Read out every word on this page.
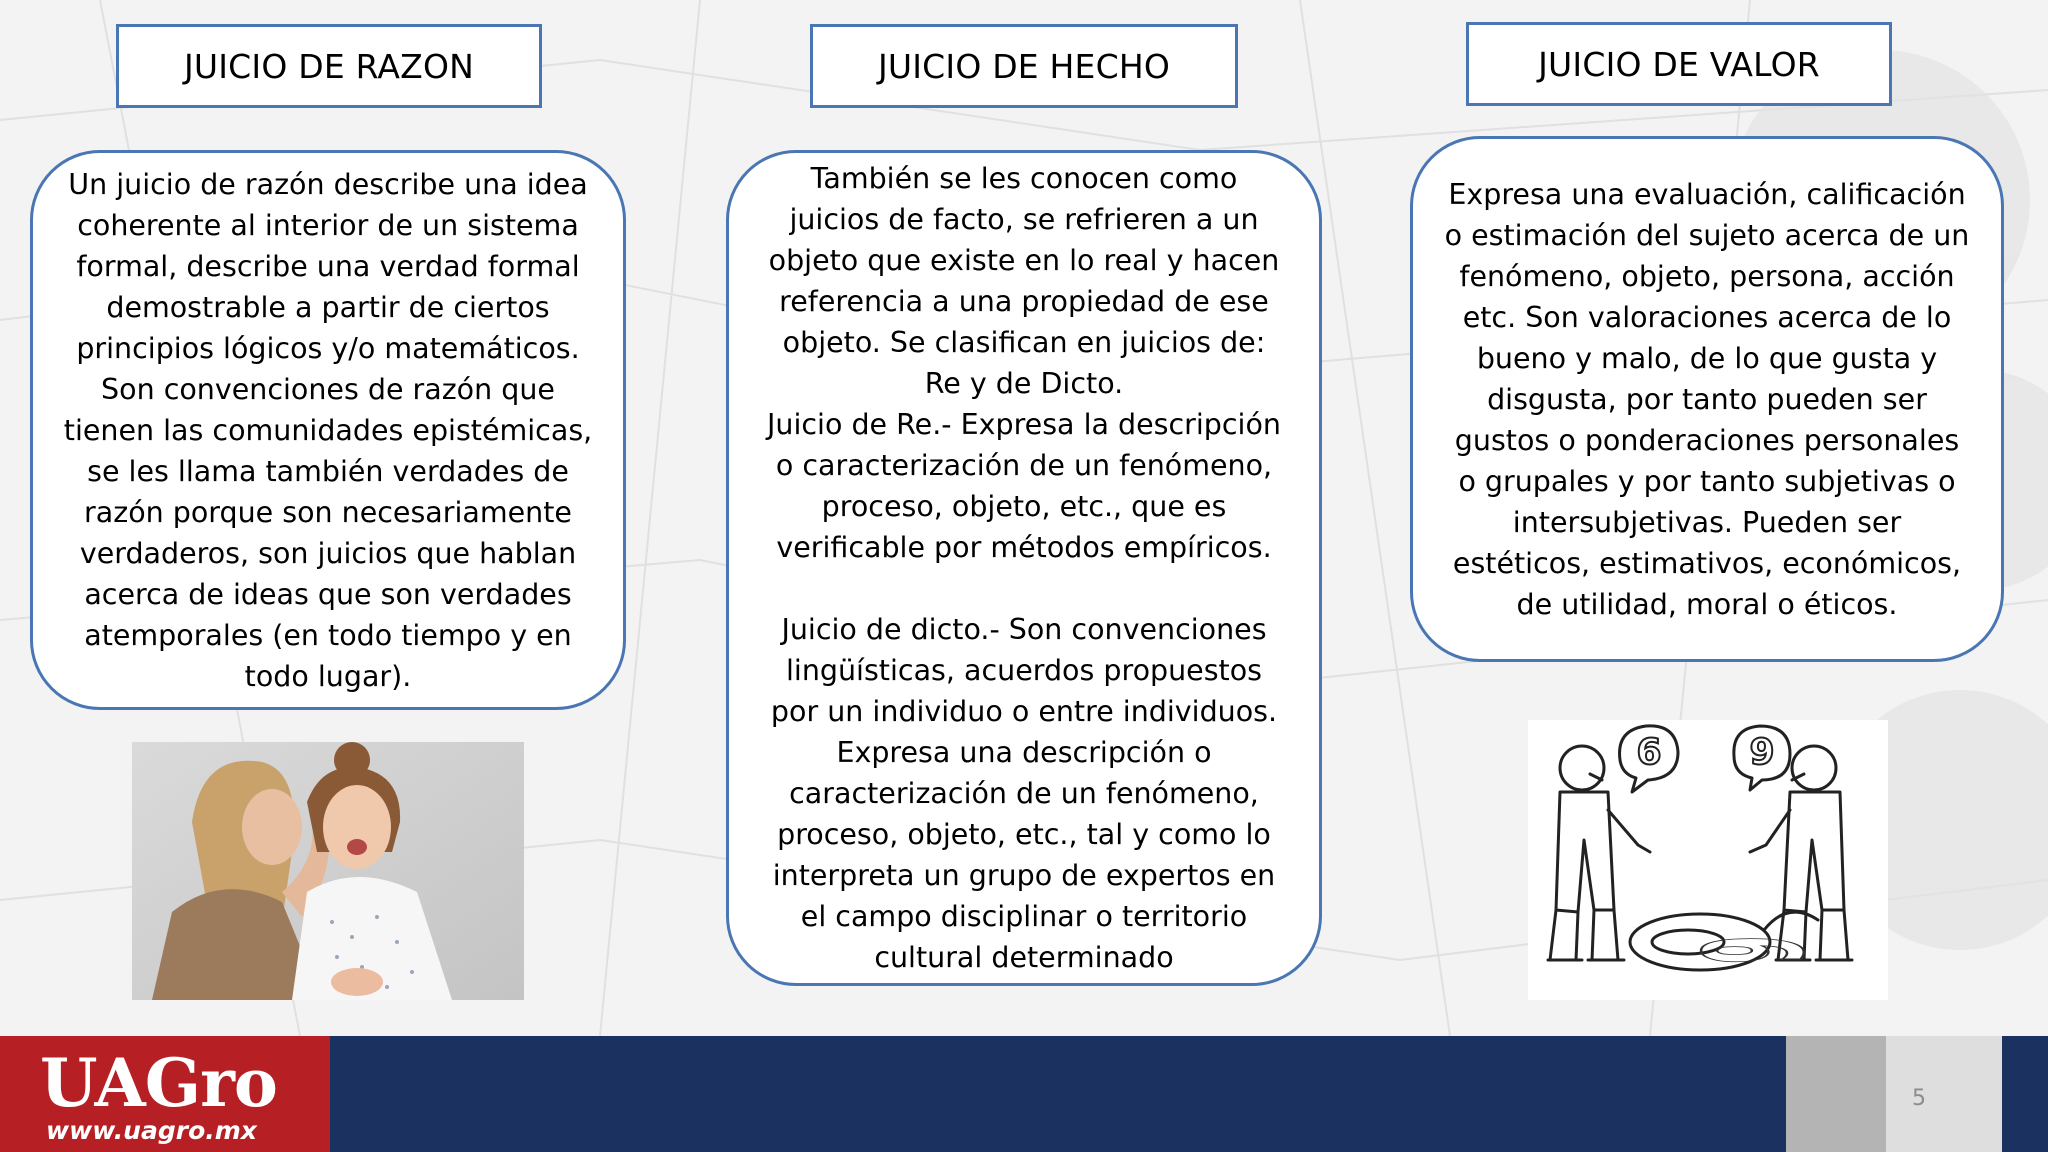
JUICIO DE RAZON

Un juicio de razón describe una idea
coherente al interior de un sistema
formal, describe una verdad formal
demostrable a partir de ciertos
principios lógicos y/o matemáticos.
Son convenciones de razón que
tienen las comunidades epistémicas,
se les llama también verdades de
razón porque son necesariamente
verdaderos, son juicios que hablan
acerca de ideas que son verdades
atemporales (en todo tiempo y en
todo lugar).

JUICIO DE HECHO

También se les conocen como
juicios de facto, se refrieren a un
objeto que existe en lo real y hacen
referencia a una propiedad de ese
objeto. Se clasifican en juicios de:
Re y de Dicto.
Juicio de Re.- Expresa la descripción
o caracterización de un fenómeno,
proceso, objeto, etc., que es
verificable por métodos empíricos.

Juicio de dicto.- Son convenciones
lingüísticas, acuerdos propuestos
por un individuo o entre individuos.
Expresa una descripción o
caracterización de un fenómeno,
proceso, objeto, etc., tal y como lo
interpreta un grupo de expertos en
el campo disciplinar o territorio
cultural determinado

JUICIO DE VALOR

Expresa una evaluación, calificación
o estimación del sujeto acerca de un
fenómeno, objeto, persona, acción
etc. Son valoraciones acerca de lo
bueno y malo, de lo que gusta y
disgusta, por tanto pueden ser
gustos o ponderaciones personales
o grupales y por tanto subjetivas o
intersubjetivas. Pueden ser
estéticos, estimativos, económicos,
de utilidad, moral o éticos.

6 9
6
UAGro
www.uagro.mx
5
